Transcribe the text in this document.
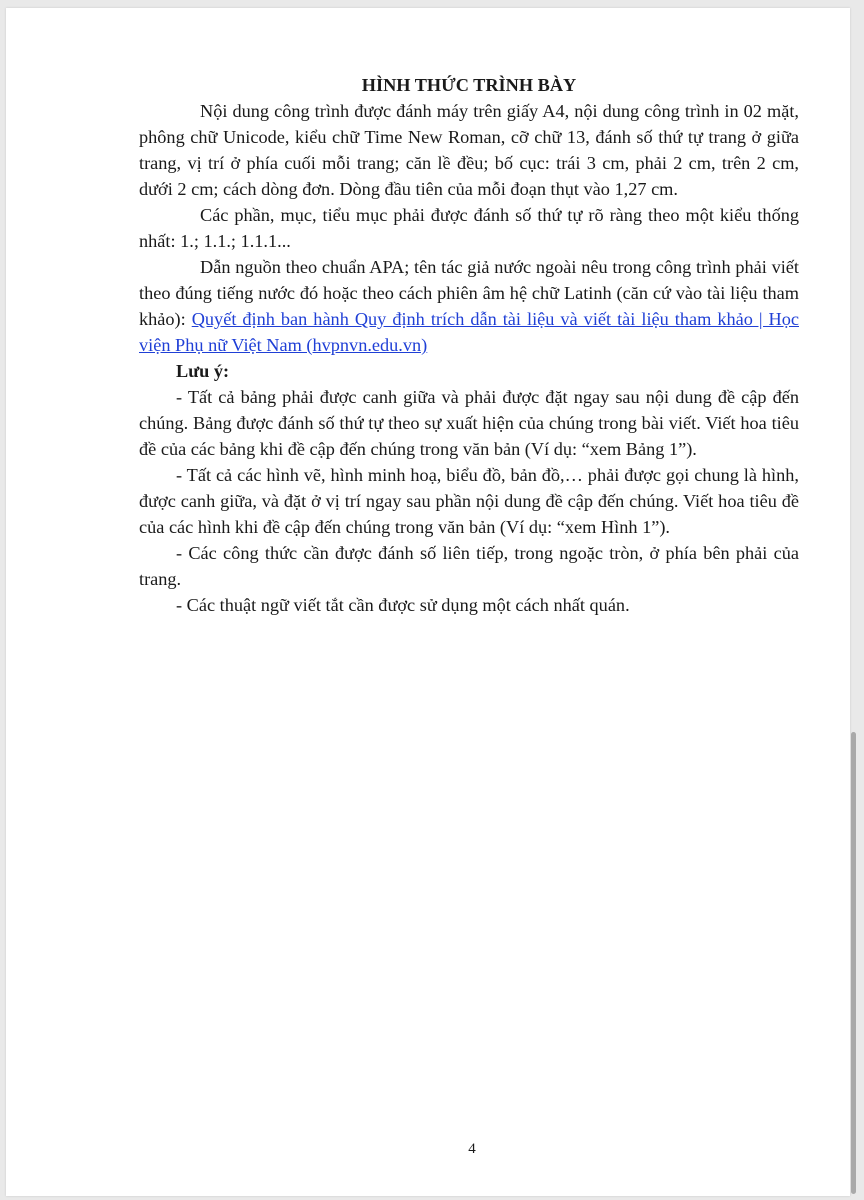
HÌNH THỨC TRÌNH BÀY

Nội dung công trình được đánh máy trên giấy A4, nội dung công trình in 02 mặt, phông chữ Unicode, kiểu chữ Time New Roman, cỡ chữ 13, đánh số thứ tự trang ở giữa trang, vị trí ở phía cuối mỗi trang; căn lề đều; bố cục: trái 3 cm, phải 2 cm, trên 2 cm, dưới 2 cm; cách dòng đơn. Dòng đầu tiên của mỗi đoạn thụt vào 1,27 cm.

Các phần, mục, tiểu mục phải được đánh số thứ tự rõ ràng theo một kiểu thống nhất: 1.; 1.1.; 1.1.1...

Dẫn nguồn theo chuẩn APA; tên tác giả nước ngoài nêu trong công trình phải viết theo đúng tiếng nước đó hoặc theo cách phiên âm hệ chữ Latinh (căn cứ vào tài liệu tham khảo): Quyết định ban hành Quy định trích dẫn tài liệu và viết tài liệu tham khảo | Học viện Phụ nữ Việt Nam (hvpnvn.edu.vn)

Lưu ý:

- Tất cả bảng phải được canh giữa và phải được đặt ngay sau nội dung đề cập đến chúng. Bảng được đánh số thứ tự theo sự xuất hiện của chúng trong bài viết. Viết hoa tiêu đề của các bảng khi đề cập đến chúng trong văn bản (Ví dụ: “xem Bảng 1”).

- Tất cả các hình vẽ, hình minh hoạ, biểu đồ, bản đồ,… phải được gọi chung là hình, được canh giữa, và đặt ở vị trí ngay sau phần nội dung đề cập đến chúng. Viết hoa tiêu đề của các hình khi đề cập đến chúng trong văn bản (Ví dụ: “xem Hình 1”).

- Các công thức cần được đánh số liên tiếp, trong ngoặc tròn, ở phía bên phải của trang.

- Các thuật ngữ viết tắt cần được sử dụng một cách nhất quán.

4
